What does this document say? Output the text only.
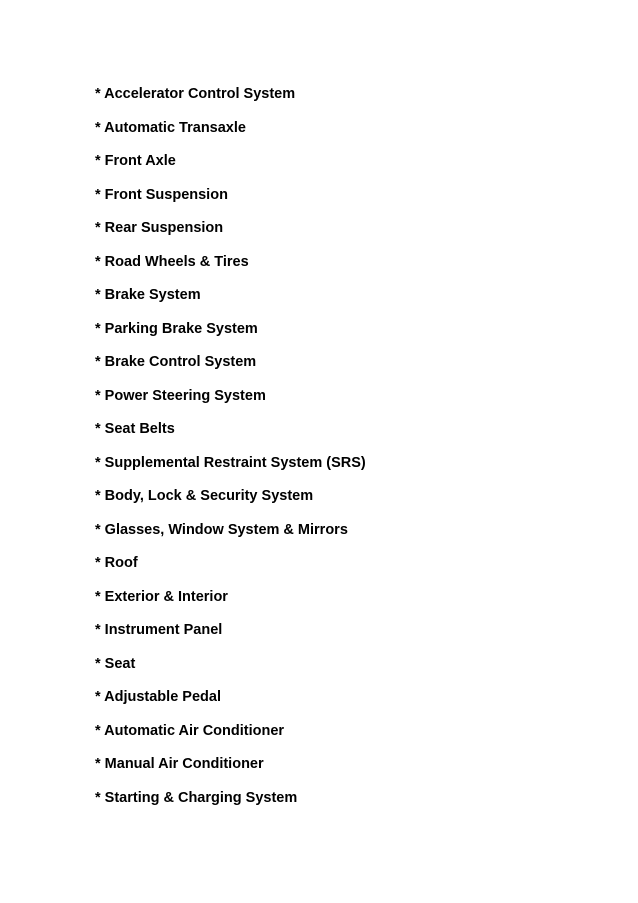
* Accelerator Control System
* Automatic Transaxle
* Front Axle
* Front Suspension
* Rear Suspension
* Road Wheels & Tires
* Brake System
* Parking Brake System
* Brake Control System
* Power Steering System
* Seat Belts
* Supplemental Restraint System (SRS)
* Body, Lock & Security System
* Glasses, Window System & Mirrors
* Roof
* Exterior & Interior
* Instrument Panel
* Seat
* Adjustable Pedal
* Automatic Air Conditioner
* Manual Air Conditioner
* Starting & Charging System
